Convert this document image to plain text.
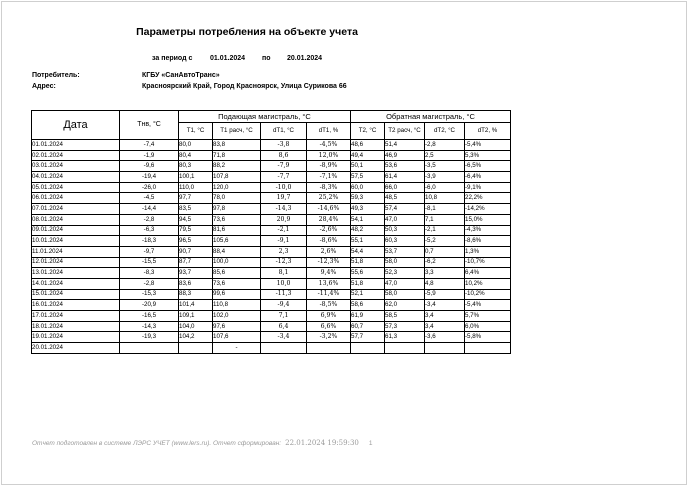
Параметры потребления на объекте учета
за период с	01.01.2024 по 20.01.2024
Потребитель:	КГБУ «СанАвтоТранс»
Адрес:	Красноярский Край, Город Красноярск, Улица Сурикова 66
Дата	Тнв, °С	Подающая магистраль, °С				Обратная магистраль, °С			
		Т1, °С	Т1 расч, °С	dT1, °С	dT1, %	Т2, °С	Т2 расч, °С	dT2, °С	dT2, %
01.01.2024	-7,4	80,0	83,8	-3,8	-4,5%	48,6	51,4	-2,8	-5,4%
02.01.2024	-1,9	80,4	71,8	8,6	12,0%	49,4	46,9	2,5	5,3%
03.01.2024	-9,6	80,3	88,2	-7,9	-8,9%	50,1	53,6	-3,5	-6,5%
04.01.2024	-19,4	100,1	107,8	-7,7	-7,1%	57,5	61,4	-3,9	-6,4%
05.01.2024	-26,0	110,0	120,0	-10,0	-8,3%	60,0	66,0	-6,0	-9,1%
06.01.2024	-4,5	97,7	78,0	19,7	25,2%	59,3	48,5	10,8	22,2%
07.01.2024	-14,4	83,5	97,8	-14,3	-14,6%	49,3	57,4	-8,1	-14,2%
08.01.2024	-2,8	94,5	73,6	20,9	28,4%	54,1	47,0	7,1	15,0%
09.01.2024	-6,3	79,5	81,6	-2,1	-2,6%	48,2	50,3	-2,1	-4,3%
10.01.2024	-18,3	96,5	105,6	-9,1	-8,6%	55,1	60,3	-5,2	-8,6%
11.01.2024	-9,7	90,7	88,4	2,3	2,6%	54,4	53,7	0,7	1,3%
12.01.2024	-15,5	87,7	100,0	-12,3	-12,3%	51,8	58,0	-6,2	-10,7%
13.01.2024	-8,3	93,7	85,6	8,1	9,4%	55,6	52,3	3,3	6,4%
14.01.2024	-2,8	83,6	73,6	10,0	13,6%	51,8	47,0	4,8	10,2%
15.01.2024	-15,3	88,3	99,6	-11,3	-11,4%	52,1	58,0	-5,9	-10,2%
16.01.2024	-20,9	101,4	110,8	-9,4	-8,5%	58,6	62,0	-3,4	-5,4%
17.01.2024	-16,5	109,1	102,0	7,1	6,9%	61,9	58,5	3,4	5,7%
18.01.2024	-14,3	104,0	97,6	6,4	6,6%	60,7	57,3	3,4	6,0%
19.01.2024	-19,3	104,2	107,6	-3,4	-3,2%	57,7	61,3	-3,6	-5,8%
20.01.2024			-						
Отчет подготовлен в системе ЛЭРС УЧЕТ (www.lers.ru). Отчет сформирован: 22.01.2024 19:59:30 1
